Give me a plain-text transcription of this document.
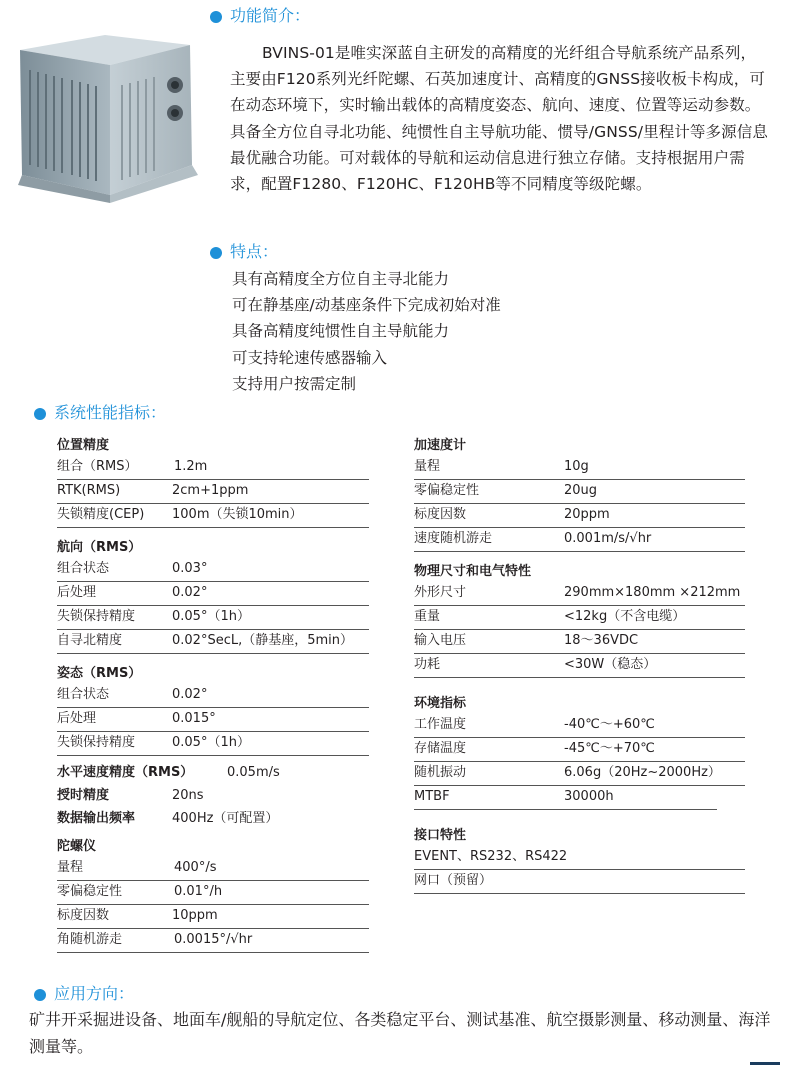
功能简介：

BVINS-01是唯实深蓝自主研发的高精度的光纤组合导航系统产品系列，主要由F120系列光纤陀螺、石英加速度计、高精度的GNSS接收板卡构成，可在动态环境下，实时输出载体的高精度姿态、航向、速度、位置等运动参数。具备全方位自寻北功能、纯惯性自主导航功能、惯导/GNSS/里程计等多源信息最优融合功能。可对载体的导航和运动信息进行独立存储。支持根据用户需求，配置F1280、F120HC、F120HB等不同精度等级陀螺。

特点：
具有高精度全方位自主寻北能力
可在静基座/动基座条件下完成初始对准
具备高精度纯惯性自主导航能力
可支持轮速传感器输入
支持用户按需定制
系统性能指标：
位置精度
组合（RMS）	1.2m
RTK(RMS)	2cm+1ppm
失锁精度(CEP) 100m（失锁10min）
航向（RMS）
组合状态	0.03°
后处理	0.02°
失锁保持精度	0.05°（1h）
自寻北精度	0.02°SecL,（静基座，5min）
姿态（RMS）
组合状态	0.02°
后处理	0.015°
失锁保持精度	0.05°（1h）
水平速度精度（RMS）	0.05m/s
授时精度	20ns
数据输出频率	400Hz（可配置）
陀螺仪
量程	400°/s
零偏稳定性	0.01°/h
标度因数	10ppm
角随机游走	0.0015°/√hr
加速度计
量程	10g
零偏稳定性	20ug
标度因数	20ppm
速度随机游走	0.001m/s/√hr
物理尺寸和电气特性
外形尺寸	290mm×180mm ×212mm
重量	<12kg（不含电缆）
输入电压	18～36VDC
功耗	<30W（稳态）
环境指标
工作温度	-40℃～+60℃
存储温度	-45℃～+70℃
随机振动	6.06g（20Hz~2000Hz）
MTBF	30000h
接口特性
EVENT、RS232、RS422
网口（预留）
应用方向：
矿井开采掘进设备、地面车/舰船的导航定位、各类稳定平台、测试基准、航空摄影测量、移动测量、海洋测量等。
